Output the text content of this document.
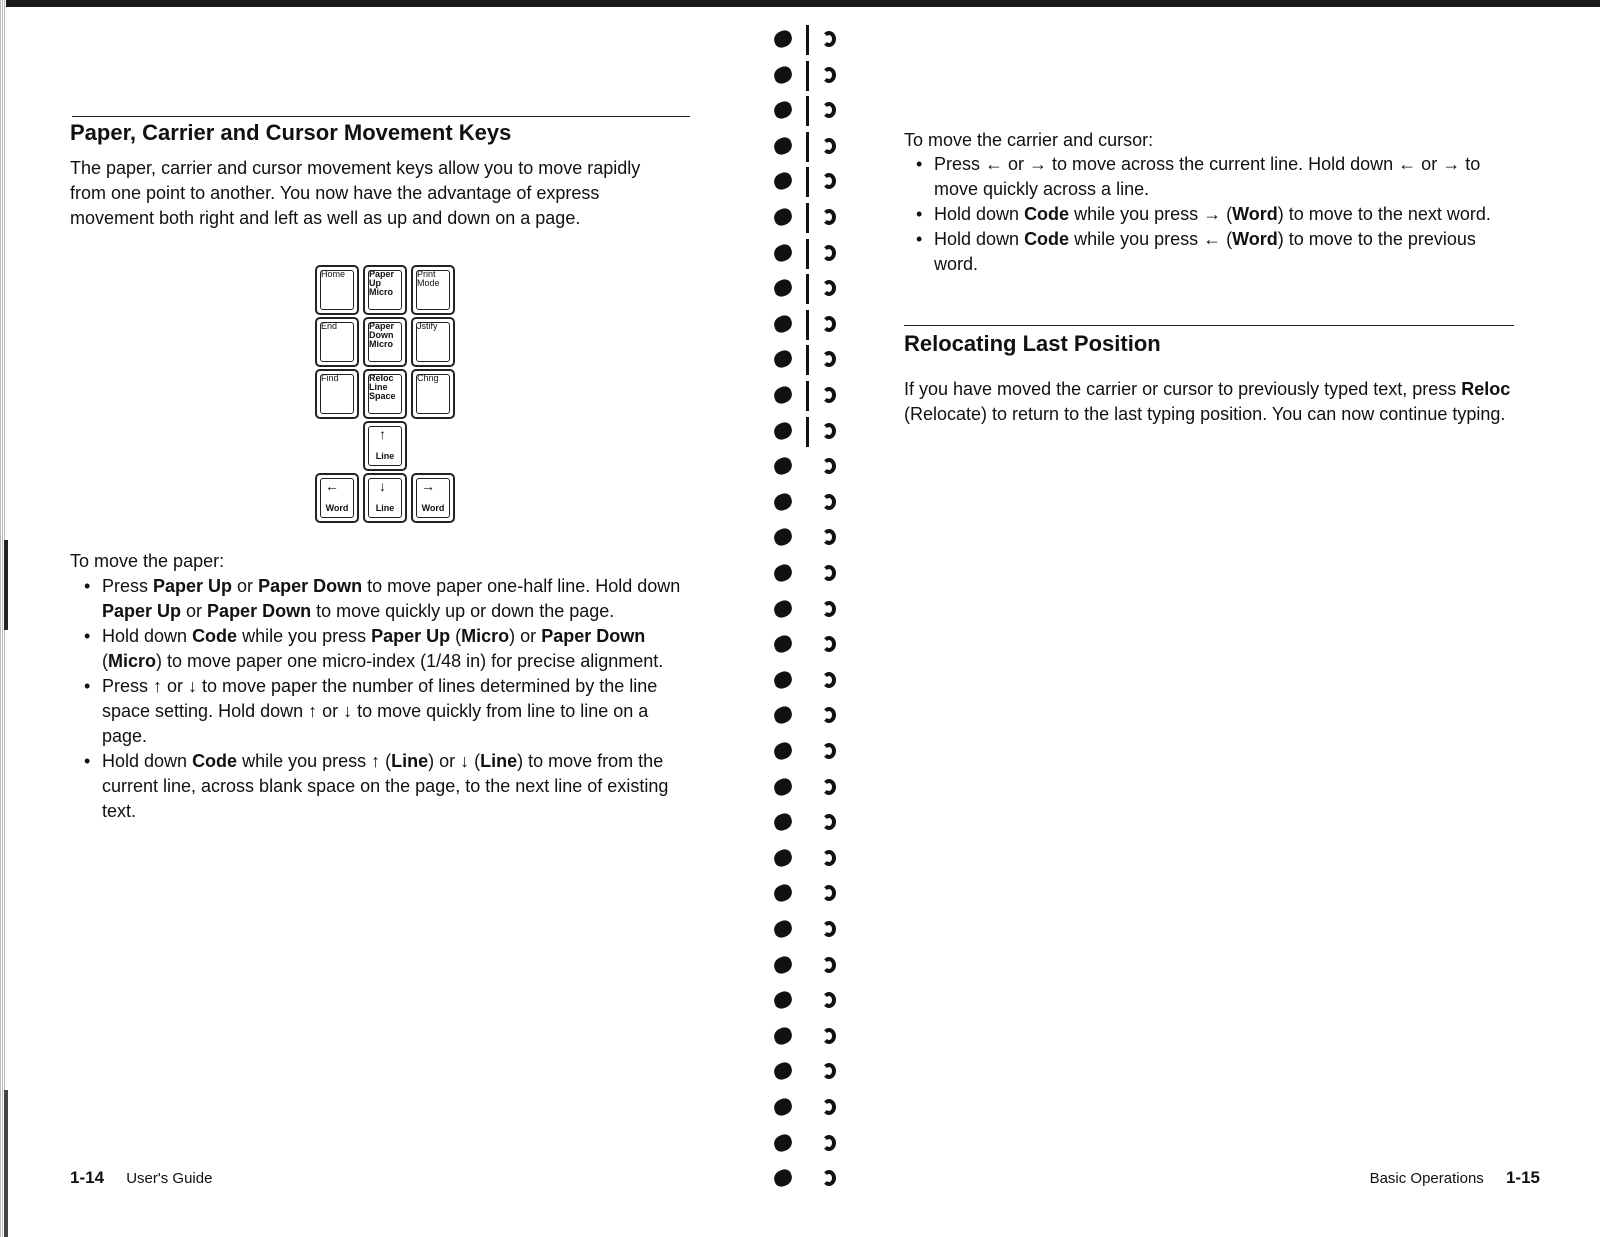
Paper, Carrier and Cursor Movement Keys

The paper, carrier and cursor movement keys allow you to move rapidly from one point to another. You now have the advantage of express movement both right and left as well as up and down on a page.

Home	Paper Up Micro
Print Mode
End	Paper Down Micro
Jstify
Find	Reloc Line Space
Chng
↑
Line
←
Word
↓
Line
→
Word

To move the paper:

• Press Paper Up or Paper Down to move paper one-half line. Hold down Paper Up or Paper Down to move quickly up or down the page.
• Hold down Code while you press Paper Up (Micro) or Paper Down (Micro) to move paper one micro-index (1/48 in) for precise alignment.
• Press ↑ or ↓ to move paper the number of lines determined by the line space setting. Hold down ↑ or ↓ to move quickly from line to line on a page.
• Hold down Code while you press ↑ (Line) or ↓ (Line) to move from the current line, across blank space on the page, to the next line of existing text.
1-14 User's Guide

To move the carrier and cursor:

• Press ← or → to move across the current line. Hold down ← or → to move quickly across a line.
• Hold down Code while you press → (Word) to move to the next word.
• Hold down Code while you press ← (Word) to move to the previous word.
Relocating Last Position

If you have moved the carrier or cursor to previously typed text, press Reloc (Relocate) to return to the last typing position. You can now continue typing.

Basic Operations 1-15
